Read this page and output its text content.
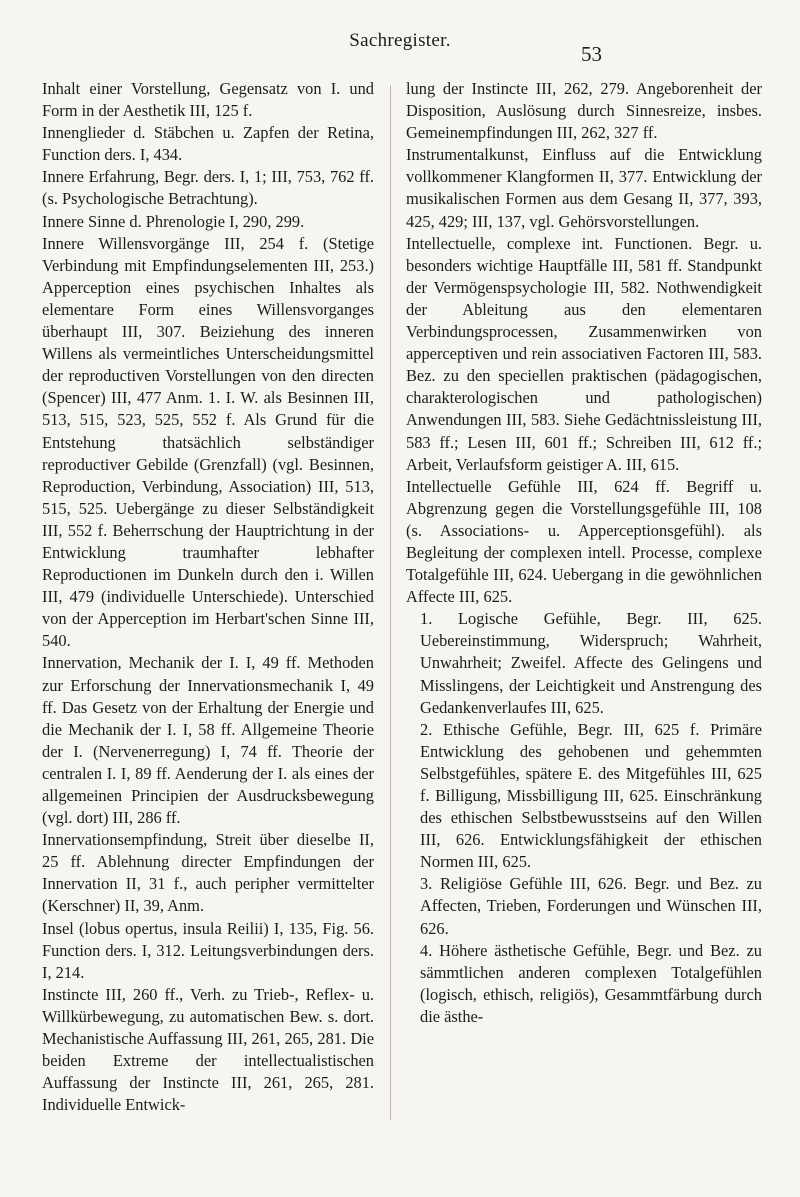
Sachregister.
53

Inhalt einer Vorstellung, Gegensatz von I. und Form in der Aesthetik III, 125 f.

Innenglieder d. Stäbchen u. Zapfen der Retina, Function ders. I, 434.

Innere Erfahrung, Begr. ders. I, 1; III, 753, 762 ff. (s. Psychologische Betrachtung).

Innere Sinne d. Phrenologie I, 290, 299.

Innere Willensvorgänge III, 254 f. (Stetige Verbindung mit Empfindungselementen III, 253.) Apperception eines psychischen Inhaltes als elementare Form eines Willensvorganges überhaupt III, 307. Beiziehung des inneren Willens als vermeintliches Unterscheidungsmittel der reproductiven Vorstellungen von den directen (Spencer) III, 477 Anm. 1. I. W. als Besinnen III, 513, 515, 523, 525, 552 f. Als Grund für die Entstehung thatsächlich selbständiger reproductiver Gebilde (Grenzfall) (vgl. Besinnen, Reproduction, Verbindung, Association) III, 513, 515, 525. Uebergänge zu dieser Selbständigkeit III, 552 f. Beherrschung der Hauptrichtung in der Entwicklung traumhafter lebhafter Reproductionen im Dunkeln durch den i. Willen III, 479 (individuelle Unterschiede). Unterschied von der Apperception im Herbart'schen Sinne III, 540.

Innervation, Mechanik der I. I, 49 ff. Methoden zur Erforschung der Innervationsmechanik I, 49 ff. Das Gesetz von der Erhaltung der Energie und die Mechanik der I. I, 58 ff. Allgemeine Theorie der I. (Nervenerregung) I, 74 ff. Theorie der centralen I. I, 89 ff. Aenderung der I. als eines der allgemeinen Principien der Ausdrucksbewegung (vgl. dort) III, 286 ff.

Innervationsempfindung, Streit über dieselbe II, 25 ff. Ablehnung directer Empfindungen der Innervation II, 31 f., auch peripher vermittelter (Kerschner) II, 39, Anm.

Insel (lobus opertus, insula Reilii) I, 135, Fig. 56. Function ders. I, 312. Leitungsverbindungen ders. I, 214.

Instincte III, 260 ff., Verh. zu Trieb-, Reflex- u. Willkürbewegung, zu automatischen Bew. s. dort. Mechanistische Auffassung III, 261, 265, 281. Die beiden Extreme der intellectualistischen Auffassung der Instincte III, 261, 265, 281. Individuelle Entwick-

lung der Instincte III, 262, 279. Angeborenheit der Disposition, Auslösung durch Sinnesreize, insbes. Gemeinempfindungen III, 262, 327 ff.

Instrumentalkunst, Einfluss auf die Entwicklung vollkommener Klangformen II, 377. Entwicklung der musikalischen Formen aus dem Gesang II, 377, 393, 425, 429; III, 137, vgl. Gehörsvorstellungen.

Intellectuelle, complexe int. Functionen. Begr. u. besonders wichtige Hauptfälle III, 581 ff. Standpunkt der Vermögenspsychologie III, 582. Nothwendigkeit der Ableitung aus den elementaren Verbindungsprocessen, Zusammenwirken von apperceptiven und rein associativen Factoren III, 583. Bez. zu den speciellen praktischen (pädagogischen, charakterologischen und pathologischen) Anwendungen III, 583. Siehe Gedächtnissleistung III, 583 ff.; Lesen III, 601 ff.; Schreiben III, 612 ff.; Arbeit, Verlaufsform geistiger A. III, 615.

Intellectuelle Gefühle III, 624 ff. Begriff u. Abgrenzung gegen die Vorstellungsgefühle III, 108 (s. Associations- u. Apperceptionsgefühl). als Begleitung der complexen intell. Processe, complexe Totalgefühle III, 624. Uebergang in die gewöhnlichen Affecte III, 625.

1. Logische Gefühle, Begr. III, 625. Uebereinstimmung, Widerspruch; Wahrheit, Unwahrheit; Zweifel. Affecte des Gelingens und Misslingens, der Leichtigkeit und Anstrengung des Gedankenverlaufes III, 625.

2. Ethische Gefühle, Begr. III, 625 f. Primäre Entwicklung des gehobenen und gehemmten Selbstgefühles, spätere E. des Mitgefühles III, 625 f. Billigung, Missbilligung III, 625. Einschränkung des ethischen Selbstbewusstseins auf den Willen III, 626. Entwicklungsfähigkeit der ethischen Normen III, 625.

3. Religiöse Gefühle III, 626. Begr. und Bez. zu Affecten, Trieben, Forderungen und Wünschen III, 626.

4. Höhere ästhetische Gefühle, Begr. und Bez. zu sämmtlichen anderen complexen Totalgefühlen (logisch, ethisch, religiös), Gesammtfärbung durch die ästhe-
